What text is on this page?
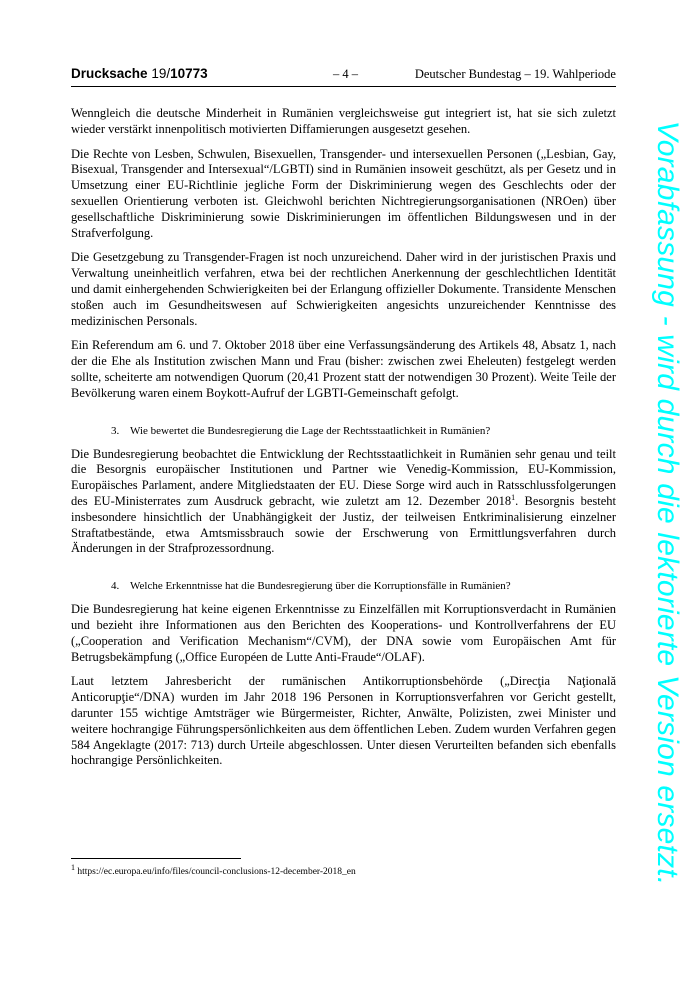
Drucksache 19/10773	– 4 –	Deutscher Bundestag – 19. Wahlperiode

Wenngleich die deutsche Minderheit in Rumänien vergleichsweise gut integriert ist, hat sie sich zuletzt wieder verstärkt innenpolitisch motivierten Diffamierungen ausgesetzt gesehen.

Die Rechte von Lesben, Schwulen, Bisexuellen, Transgender- und intersexuellen Personen („Lesbian, Gay, Bisexual, Transgender and Intersexual“/LGBTI) sind in Rumänien insoweit geschützt, als per Gesetz und in Umsetzung einer EU-Richtlinie jegliche Form der Diskriminierung wegen des Geschlechts oder der sexuellen Orientierung verboten ist. Gleichwohl berichten Nichtregierungsorganisationen (NROen) über gesellschaftliche Diskriminierung sowie Diskriminierungen im öffentlichen Bildungswesen und in der Strafverfolgung.

Die Gesetzgebung zu Transgender-Fragen ist noch unzureichend. Daher wird in der juristischen Praxis und Verwaltung uneinheitlich verfahren, etwa bei der rechtlichen Anerkennung der geschlechtlichen Identität und damit einhergehenden Schwierigkeiten bei der Erlangung offizieller Dokumente. Transidente Menschen stoßen auch im Gesundheitswesen auf Schwierigkeiten angesichts unzureichender Kenntnisse des medizinischen Personals.

Ein Referendum am 6. und 7. Oktober 2018 über eine Verfassungsänderung des Artikels 48, Absatz 1, nach der die Ehe als Institution zwischen Mann und Frau (bisher: zwischen zwei Eheleuten) festgelegt werden sollte, scheiterte am notwendigen Quorum (20,41 Prozent statt der notwendigen 30 Prozent). Weite Teile der Bevölkerung waren einem Boykott-Aufruf der LGBTI-Gemeinschaft gefolgt.

3. Wie bewertet die Bundesregierung die Lage der Rechtsstaatlichkeit in Rumänien?

Die Bundesregierung beobachtet die Entwicklung der Rechtsstaatlichkeit in Rumänien sehr genau und teilt die Besorgnis europäischer Institutionen und Partner wie Venedig-Kommission, EU-Kommission, Europäisches Parlament, andere Mitgliedstaaten der EU. Diese Sorge wird auch in Ratsschlussfolgerungen des EU-Ministerrates zum Ausdruck gebracht, wie zuletzt am 12. Dezember 2018$^1$. Besorgnis besteht insbesondere hinsichtlich der Unabhängigkeit der Justiz, der teilweisen Entkriminalisierung einzelner Straftatbestände, etwa Amtsmissbrauch sowie der Erschwerung von Ermittlungsverfahren durch Änderungen in der Strafprozessordnung.

4. Welche Erkenntnisse hat die Bundesregierung über die Korruptionsfälle in Rumänien?

Die Bundesregierung hat keine eigenen Erkenntnisse zu Einzelfällen mit Korruptionsverdacht in Rumänien und bezieht ihre Informationen aus den Berichten des Kooperations- und Kontrollverfahrens der EU („Cooperation and Verification Mechanism“/CVM), der DNA sowie vom Europäischen Amt für Betrugsbekämpfung („Office Européen de Lutte Anti-Fraude“/OLAF).

Laut letztem Jahresbericht der rumänischen Antikorruptionsbehörde („Direcţia Naţională Anticorupţie“/DNA) wurden im Jahr 2018 196 Personen in Korruptionsverfahren vor Gericht gestellt, darunter 155 wichtige Amtsträger wie Bürgermeister, Richter, Anwälte, Polizisten, zwei Minister und weitere hochrangige Führungspersönlichkeiten aus dem öffentlichen Leben. Zudem wurden Verfahren gegen 584 Angeklagte (2017: 713) durch Urteile abgeschlossen. Unter diesen Verurteilten befanden sich ebenfalls hochrangige Persönlichkeiten.

$^1$ https://ec.europa.eu/info/files/council-conclusions-12-december-2018_en	Vorabfassung - wird durch die lektorierte Version ersetzt.
